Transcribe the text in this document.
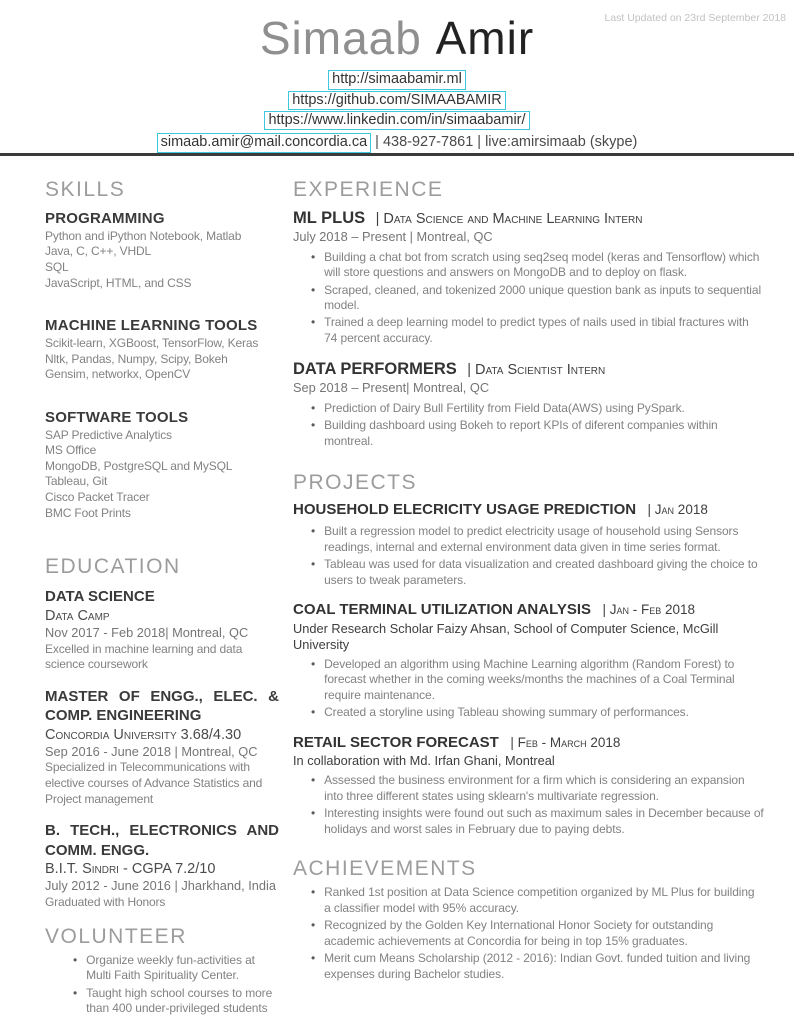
Last Updated on 23rd September 2018
Simaab Amir
http://simaabamir.ml
https://github.com/SIMAABAMIR
https://www.linkedin.com/in/simaabamir/
simaab.amir@mail.concordia.ca | 438-927-7861 | live:amirsimaab (skype)
SKILLS
PROGRAMMING
Python and iPython Notebook, Matlab
Java, C, C++, VHDL
SQL
JavaScript, HTML, and CSS
MACHINE LEARNING TOOLS
Scikit-learn, XGBoost, TensorFlow, Keras
Nltk, Pandas, Numpy, Scipy, Bokeh
Gensim, networkx, OpenCV
SOFTWARE TOOLS
SAP Predictive Analytics
MS Office
MongoDB, PostgreSQL and MySQL
Tableau, Git
Cisco Packet Tracer
BMC Foot Prints
EDUCATION
DATA SCIENCE
Data Camp
Nov 2017 - Feb 2018| Montreal, QC
Excelled in machine learning and data science coursework
MASTER OF ENGG., ELEC. & COMP. ENGINEERING
Concordia University 3.68/4.30
Sep 2016 - June 2018 | Montreal, QC
Specialized in Telecommunications with elective courses of Advance Statistics and Project management
B. TECH., ELECTRONICS AND COMM. ENGG.
B.I.T. Sindri - CGPA 7.2/10
July 2012 - June 2016 | Jharkhand, India
Graduated with Honors
VOLUNTEER
• Organize weekly fun-activities at Multi Faith Spirituality Center.
• Taught high school courses to more than 400 under-privileged students
EXPERIENCE
ML PLUS | Data Science and Machine Learning Intern
July 2018 – Present | Montreal, QC
• Building a chat bot from scratch using seq2seq model (keras and Tensorflow) which will store questions and answers on MongoDB and to deploy on flask.
• Scraped, cleaned, and tokenized 2000 unique question bank as inputs to sequential model.
• Trained a deep learning model to predict types of nails used in tibial fractures with 74 percent accuracy.
DATA PERFORMERS | Data Scientist Intern
Sep 2018 – Present| Montreal, QC
• Prediction of Dairy Bull Fertility from Field Data(AWS) using PySpark.
• Building dashboard using Bokeh to report KPIs of diferent companies within montreal.
PROJECTS
HOUSEHOLD ELECRICITY USAGE PREDICTION | Jan 2018
• Built a regression model to predict electricity usage of household using Sensors readings, internal and external environment data given in time series format.
• Tableau was used for data visualization and created dashboard giving the choice to users to tweak parameters.
COAL TERMINAL UTILIZATION ANALYSIS | Jan - Feb 2018
Under Research Scholar Faizy Ahsan, School of Computer Science, McGill University
• Developed an algorithm using Machine Learning algorithm (Random Forest) to forecast whether in the coming weeks/months the machines of a Coal Terminal require maintenance.
• Created a storyline using Tableau showing summary of performances.
RETAIL SECTOR FORECAST | Feb - March 2018
In collaboration with Md. Irfan Ghani, Montreal
• Assessed the business environment for a firm which is considering an expansion into three different states using sklearn's multivariate regression.
• Interesting insights were found out such as maximum sales in December because of holidays and worst sales in February due to paying debts.
ACHIEVEMENTS
• Ranked 1st position at Data Science competition organized by ML Plus for building a classifier model with 95% accuracy.
• Recognized by the Golden Key International Honor Society for outstanding academic achievements at Concordia for being in top 15% graduates.
• Merit cum Means Scholarship (2012 - 2016): Indian Govt. funded tuition and living expenses during Bachelor studies.
